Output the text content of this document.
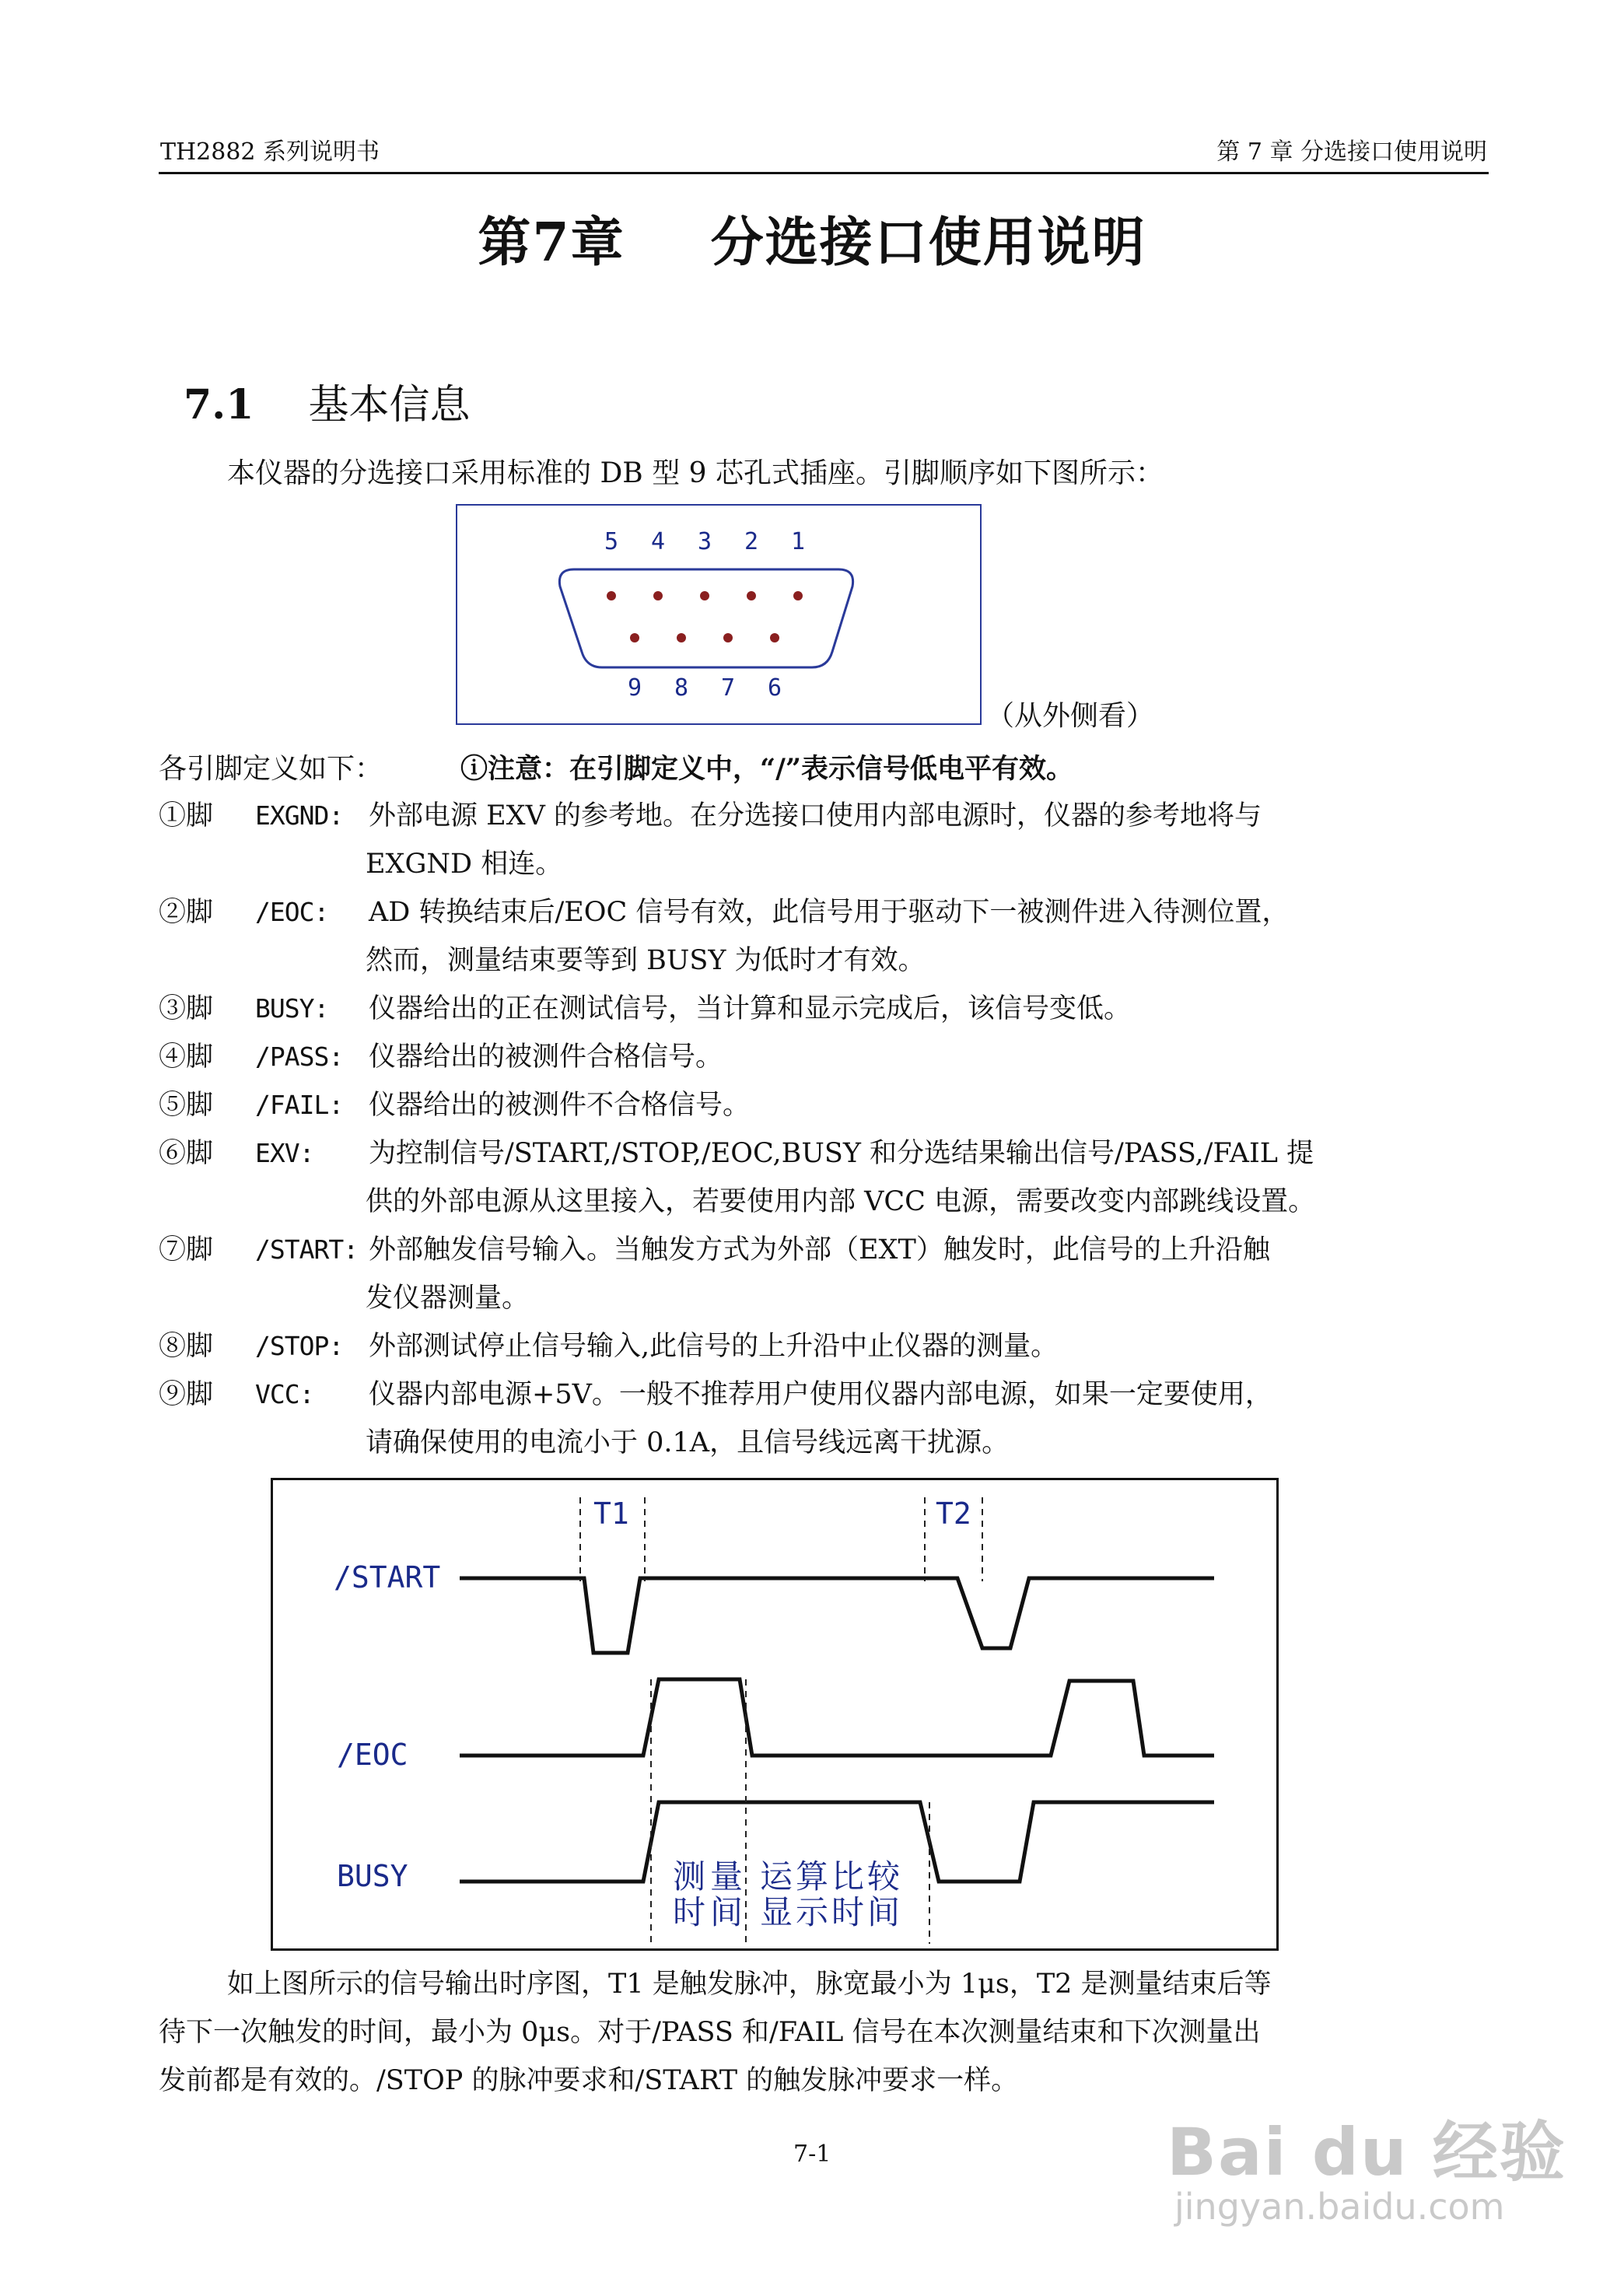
TH2882 系列说明书	第 7 章 分选接口使用说明
第7章 分选接口使用说明
7.1 基本信息
本仪器的分选接口采用标准的 DB 型 9 芯孔式插座。引脚顺序如下图所示：
5 4 3 2 1
9 8 7 6
（从外侧看）
各引脚定义如下：	ⓘ注意：在引脚定义中，“/”表示信号低电平有效。
①脚 EXGND: 外部电源 EXV 的参考地。在分选接口使用内部电源时，仪器的参考地将与
EXGND 相连。
②脚 /EOC: AD 转换结束后/EOC 信号有效，此信号用于驱动下一被测件进入待测位置，
然而，测量结束要等到 BUSY 为低时才有效。
③脚 BUSY: 仪器给出的正在测试信号，当计算和显示完成后，该信号变低。
④脚 /PASS: 仪器给出的被测件合格信号。
⑤脚 /FAIL: 仪器给出的被测件不合格信号。
⑥脚 EXV: 为控制信号/START,/STOP,/EOC,BUSY 和分选结果输出信号/PASS,/FAIL 提
供的外部电源从这里接入，若要使用内部 VCC 电源，需要改变内部跳线设置。
⑦脚 /START: 外部触发信号输入。当触发方式为外部（EXT）触发时，此信号的上升沿触
发仪器测量。
⑧脚 /STOP: 外部测试停止信号输入,此信号的上升沿中止仪器的测量。
⑨脚 VCC: 仪器内部电源+5V。一般不推荐用户使用仪器内部电源，如果一定要使用，
请确保使用的电流小于 0.1A，且信号线远离干扰源。
T1	T2
/START
/EOC
BUSY	测量
时间
运算比较
显示时间
如上图所示的信号输出时序图，T1 是触发脉冲，脉宽最小为 1μs，T2 是测量结束后等
待下一次触发的时间，最小为 0μs。对于/PASS 和/FAIL 信号在本次测量结束和下次测量出
发前都是有效的。/STOP 的脉冲要求和/START 的触发脉冲要求一样。
7-1	Bai du 经验
jingyan.baidu.com
